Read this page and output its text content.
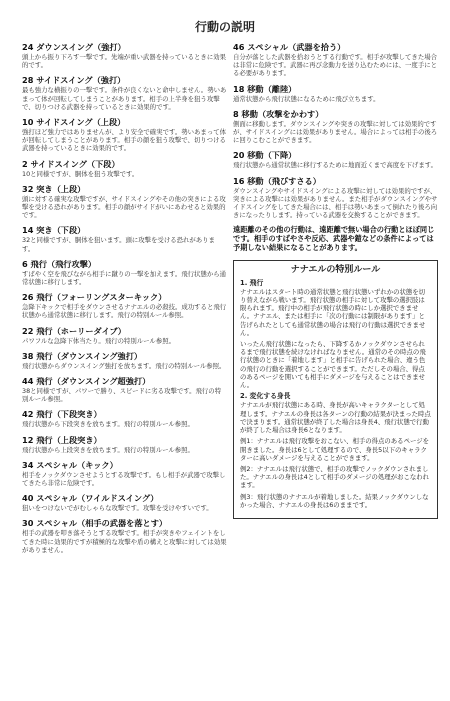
行動の説明
24 ダウンスイング（強打）
頭上から振り下ろす一撃です。先端が重い武器を持っているときに効果的です。
28 サイドスイング（強打）
最も強力な横振りの一撃です。条件が良くないと命中しません。勢いあまって体が回転してしまうことがあります。相手の上半身を狙う攻撃で、切りつける武器を持っているときに効果的です。
10 サイドスイング（上段）
強打ほど強力ではありませんが、より安全で確実です。勢いあまって体が回転してしまうことがあります。相手の顔を狙う攻撃で、切りつける武器を持っているときに効果的です。
2 サイドスイング（下段）
10と同様ですが、胴体を狙う攻撃です。
32 突き（上段）
頭に対する確実な攻撃ですが、サイドスイングやその他の突きによる攻撃を受ける恐れがあります。相手の顔がサイドがいにあわせると効果的です。
14 突き（下段）
32と同様ですが、胴体を狙います。頭に攻撃を受ける恐れがあります。
6 飛行（飛行攻撃）
すばやく空を飛びながら相手に蹴りの一撃を加えます。飛行状態から通常状態に移行します。
26 飛行（フォーリングスターキック）
急降下キックで相手をダウンさせるナナエルの必殺技。成功すると飛行状態から通常状態に移行します。飛行の特別ルール参照。
22 飛行（ホーリーダイブ）
パワフルな急降下体当たり。飛行の特別ルール参照。
38 飛行（ダウンスイング強打）
飛行状態からダウンスイング強打を放ちます。飛行の特別ルール参照。
44 飛行（ダウンスイング超強打）
38と同様ですが、パワーで勝り、スピードに劣る攻撃です。飛行の特別ルール参照。
42 飛行（下段突き）
飛行状態から下段突きを放ちます。飛行の特別ルール参照。
12 飛行（上段突き）
飛行状態から上段突きを放ちます。飛行の特別ルール参照。
34 スペシャル（キック）
相手をノックダウンさせようとする攻撃です。もし相手が武器で攻撃してきたら非常に危険です。
40 スペシャル（ワイルドスイング）
狙いをつけないでがむしゃらな攻撃です。攻撃を受けやすいです。
30 スペシャル（相手の武器を落とす）
相手の武器を叩き落そうとする攻撃です。相手が突きやフェイントをしてきた時に効果的ですが積極的な攻撃や盾の構えと攻撃に対しては効果がありません。
46 スペシャル（武器を拾う）
自分が落とした武器を拾おうとする行動です。相手が攻撃してきた場合は非常に危険です。武器に再び念動力を送り込むためには、一度手にとる必要があります。
18 移動（離陸）
通常状態から飛行状態になるために飛び立ちます。
8 移動（攻撃をかわす）
側面に移動します。ダウンスイングや突きの攻撃に対しては効果的ですが、サイドスイングには効果がありません。場合によっては相手の後ろに回りこむことができます。
20 移動（下降）
飛行状態から通常状態に移行するために地面近くまで高度を下げます。
16 移動（飛びすさる）
ダウンスイングやサイドスイングによる攻撃に対しては効果的ですが、突きによる攻撃には効果がありません。また相手がダウンスイングやサイドスイングをしてきた場合には、相手は勢いあまって倒れたり後ろ向きになったりします。持っている武器を交換することができます。
遠距離のその他の行動は、遠距離で無い場合の行動とほぼ同じです。相手のすばやさや反応、武器や鎧などの条件によっては予期しない結果になることがあります。
ナナエルの特別ルール
1. 飛行

ナナエルはスタート時の通常状態と飛行状態いずれかの状態を切り替えながら戦います。飛行状態の相手に対して攻撃の選択肢は限られます。飛行中の相手が飛行状態の時にしか選択できません。ナナエル、または相手に「次の行動には制限があります」と告げられたとしても通常状態の場合は飛行の行動は選択できません。

いったん飛行状態になったら、下降するかノックダウンさせられるまで飛行状態を続けなければなりません。通常のその時点の飛行状態のときに「着地します」と相手に告げられた場合、違う色の飛行の行動を選択することができます。ただしその場合、得点のあるページを開いても相手にダメージを与えることはできません。

2. 変化する身長

ナナエルが飛行状態にある時、身長が高いキャラクターとして処理します。ナナエルの身長は各ターンの行動の結果が決まった時点で決まります。通常状態が終了した場合は身長4、飛行状態で行動が終了した場合は身長6となります。

例1：ナナエルは飛行攻撃をおこない、相手の得点のあるページを開きました。身長は6として処理するので、身長5以下のキャラクターに高いダメージを与えることができます。

例2：ナナエルは飛行状態で、相手の攻撃でノックダウンされました。ナナエルの身長は4として相手のダメージの処理がおこなわれます。

例3：飛行状態のナナエルが着地しました。結果ノックダウンしなかった場合、ナナエルの身長は6のままです。
